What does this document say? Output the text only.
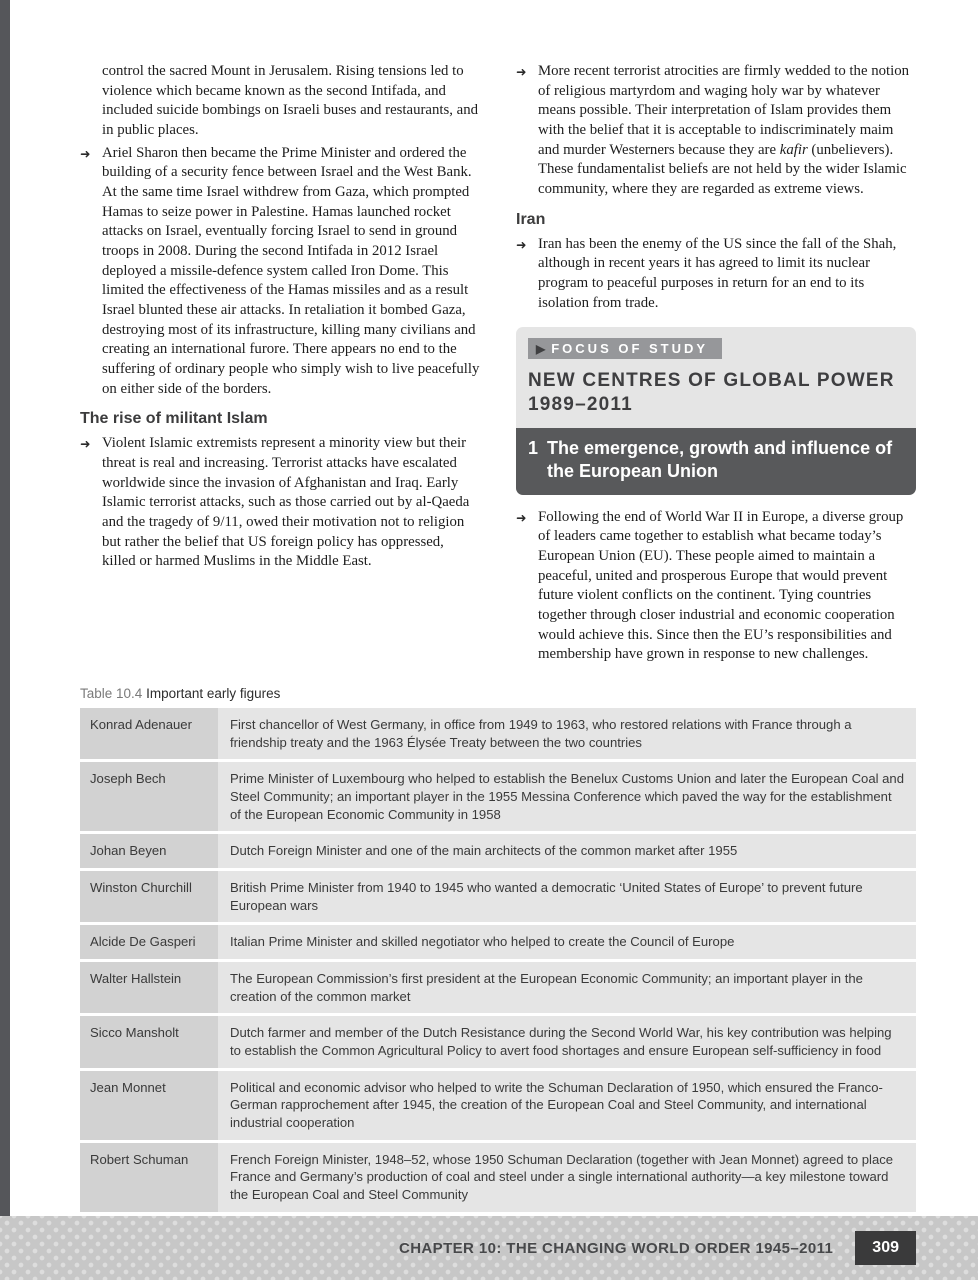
control the sacred Mount in Jerusalem. Rising tensions led to violence which became known as the second Intifada, and included suicide bombings on Israeli buses and restaurants, and in public places.

➜ Ariel Sharon then became the Prime Minister and ordered the building of a security fence between Israel and the West Bank. At the same time Israel withdrew from Gaza, which prompted Hamas to seize power in Palestine. Hamas launched rocket attacks on Israel, eventually forcing Israel to send in ground troops in 2008. During the second Intifada in 2012 Israel deployed a missile-defence system called Iron Dome. This limited the effectiveness of the Hamas missiles and as a result Israel blunted these air attacks. In retaliation it bombed Gaza, destroying most of its infrastructure, killing many civilians and creating an international furore. There appears no end to the suffering of ordinary people who simply wish to live peacefully on either side of the borders.

The rise of militant Islam
➜ Violent Islamic extremists represent a minority view but their threat is real and increasing. Terrorist attacks have escalated worldwide since the invasion of Afghanistan and Iraq. Early Islamic terrorist attacks, such as those carried out by al-Qaeda and the tragedy of 9/11, owed their motivation not to religion but rather the belief that US foreign policy has oppressed, killed or harmed Muslims in the Middle East.

➜ More recent terrorist atrocities are firmly wedded to the notion of religious martyrdom and waging holy war by whatever means possible. Their interpretation of Islam provides them with the belief that it is acceptable to indiscriminately maim and murder Westerners because they are kafir (unbelievers). These fundamentalist beliefs are not held by the wider Islamic community, where they are regarded as extreme views.

Iran
➜ Iran has been the enemy of the US since the fall of the Shah, although in recent years it has agreed to limit its nuclear program to peaceful purposes in return for an end to its isolation from trade.

▶ FOCUS OF STUDY
NEW CENTRES OF GLOBAL POWER
1989–2011
1 The emergence, growth and influence of the European Union
➜ Following the end of World War II in Europe, a diverse group of leaders came together to establish what became today’s European Union (EU). These people aimed to maintain a peaceful, united and prosperous Europe that would prevent future violent conflicts on the continent. Tying countries together through closer industrial and economic cooperation would achieve this. Since then the EU’s responsibilities and membership have grown in response to new challenges.

Table 10.4 Important early figures
Konrad Adenauer	First chancellor of West Germany, in office from 1949 to 1963, who restored relations with France through a friendship treaty and the 1963 Élysée Treaty between the two countries
Joseph Bech	Prime Minister of Luxembourg who helped to establish the Benelux Customs Union and later the European Coal and Steel Community; an important player in the 1955 Messina Conference which paved the way for the establishment of the European Economic Community in 1958
Johan Beyen	Dutch Foreign Minister and one of the main architects of the common market after 1955
Winston Churchill	British Prime Minister from 1940 to 1945 who wanted a democratic ‘United States of Europe’ to prevent future European wars
Alcide De Gasperi	Italian Prime Minister and skilled negotiator who helped to create the Council of Europe
Walter Hallstein	The European Commission’s first president at the European Economic Community; an important player in the creation of the common market
Sicco Mansholt	Dutch farmer and member of the Dutch Resistance during the Second World War, his key contribution was helping to establish the Common Agricultural Policy to avert food shortages and ensure European self-sufficiency in food
Jean Monnet	Political and economic advisor who helped to write the Schuman Declaration of 1950, which ensured the Franco-German rapprochement after 1945, the creation of the European Coal and Steel Community, and international industrial cooperation
Robert Schuman	French Foreign Minister, 1948–52, whose 1950 Schuman Declaration (together with Jean Monnet) agreed to place France and Germany’s production of coal and steel under a single international authority—a key milestone toward the European Coal and Steel Community
CHAPTER 10: THE CHANGING WORLD ORDER 1945–2011	309
